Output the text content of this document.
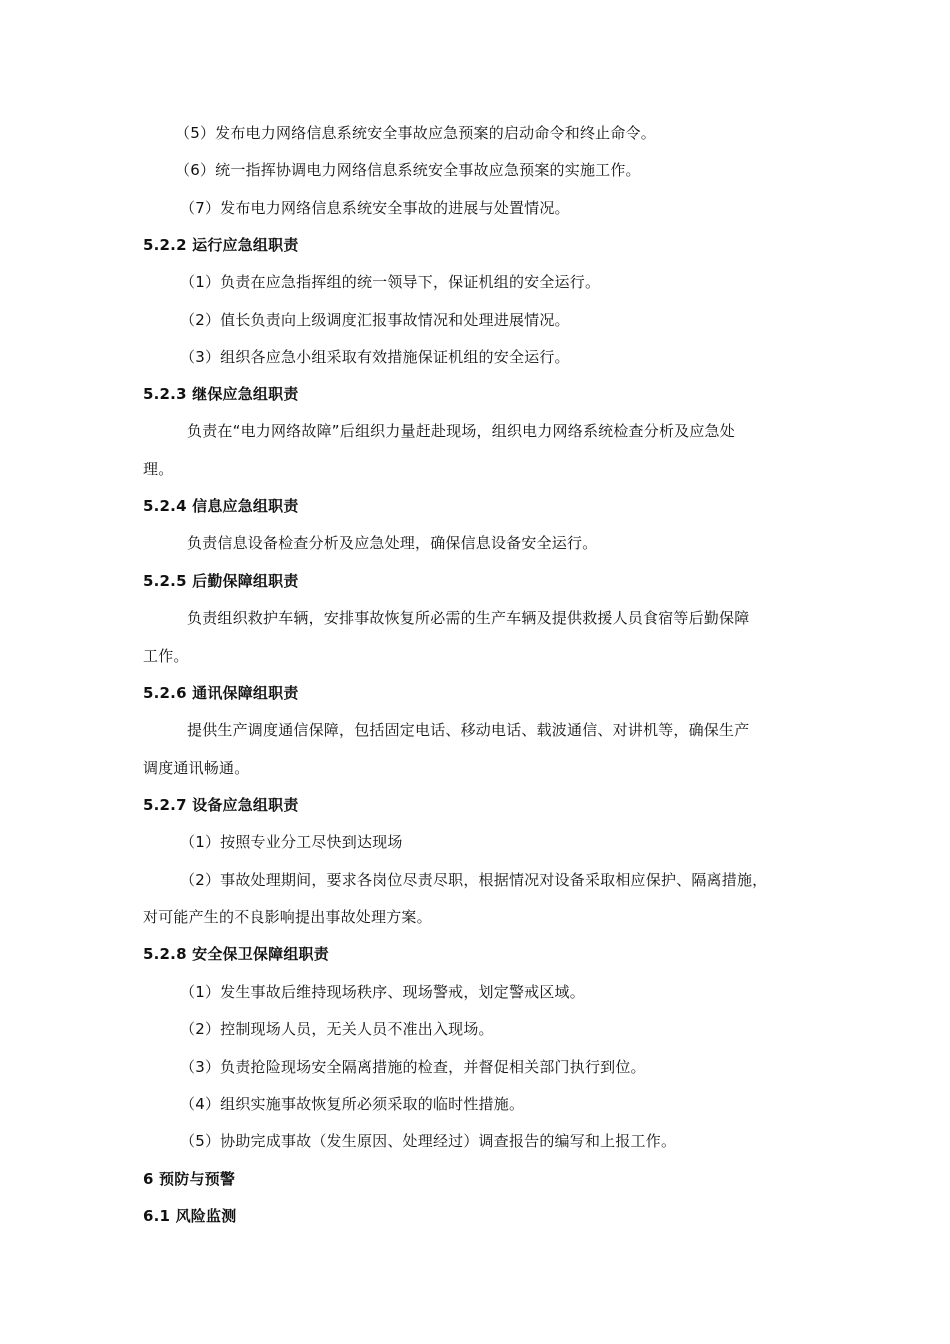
（5）发布电力网络信息系统安全事故应急预案的启动命令和终止命令。
（6）统一指挥协调电力网络信息系统安全事故应急预案的实施工作。
（7）发布电力网络信息系统安全事故的进展与处置情况。
5.2.2 运行应急组职责
（1）负责在应急指挥组的统一领导下，保证机组的安全运行。
（2）值长负责向上级调度汇报事故情况和处理进展情况。
（3）组织各应急小组采取有效措施保证机组的安全运行。
5.2.3 继保应急组职责
负责在“电力网络故障”后组织力量赶赴现场，组织电力网络系统检查分析及应急处
理。
5.2.4 信息应急组职责
负责信息设备检查分析及应急处理，确保信息设备安全运行。
5.2.5 后勤保障组职责
负责组织救护车辆，安排事故恢复所必需的生产车辆及提供救援人员食宿等后勤保障
工作。
5.2.6 通讯保障组职责
提供生产调度通信保障，包括固定电话、移动电话、载波通信、对讲机等，确保生产
调度通讯畅通。
5.2.7 设备应急组职责
（1）按照专业分工尽快到达现场
（2）事故处理期间，要求各岗位尽责尽职，根据情况对设备采取相应保护、隔离措施，
对可能产生的不良影响提出事故处理方案。
5.2.8 安全保卫保障组职责
（1）发生事故后维持现场秩序、现场警戒，划定警戒区域。
（2）控制现场人员，无关人员不准出入现场。
（3）负责抢险现场安全隔离措施的检查，并督促相关部门执行到位。
（4）组织实施事故恢复所必须采取的临时性措施。
（5）协助完成事故（发生原因、处理经过）调查报告的编写和上报工作。
6 预防与预警
6.1 风险监测
